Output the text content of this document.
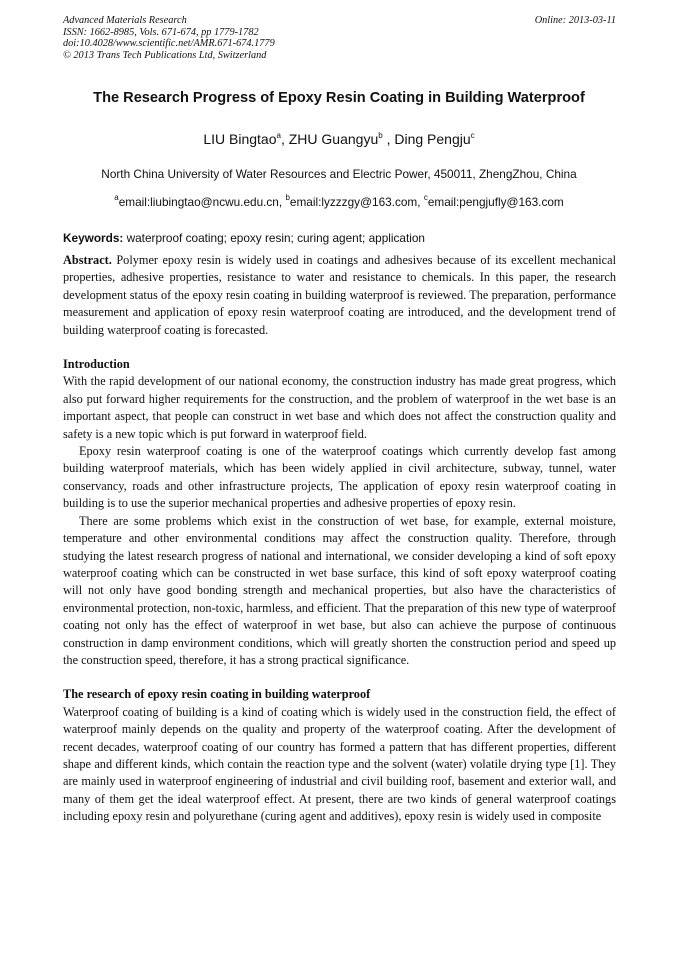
Advanced Materials Research
ISSN: 1662-8985, Vols. 671-674, pp 1779-1782
doi:10.4028/www.scientific.net/AMR.671-674.1779
© 2013 Trans Tech Publications Ltd, Switzerland
Online: 2013-03-11
The Research Progress of Epoxy Resin Coating in Building Waterproof
LIU Bingtao$^a$, ZHU Guangyu$^b$ , Ding Pengju$^c$
North China University of Water Resources and Electric Power, 450011, ZhengZhou, China
$^a$email:liubingtao@ncwu.edu.cn, $^b$email:lyzzzgy@163.com, $^c$email:pengjufly@163.com
Keywords: waterproof coating; epoxy resin; curing agent; application

Abstract. Polymer epoxy resin is widely used in coatings and adhesives because of its excellent mechanical properties, adhesive properties, resistance to water and resistance to chemicals. In this paper, the research development status of the epoxy resin coating in building waterproof is reviewed. The preparation, performance measurement and application of epoxy resin waterproof coating are introduced, and the development trend of building waterproof coating is forecasted.

Introduction

With the rapid development of our national economy, the construction industry has made great progress, which also put forward higher requirements for the construction, and the problem of waterproof in the wet base is an important aspect, that people can construct in wet base and which does not affect the construction quality and safety is a new topic which is put forward in waterproof field.

Epoxy resin waterproof coating is one of the waterproof coatings which currently develop fast among building waterproof materials, which has been widely applied in civil architecture, subway, tunnel, water conservancy, roads and other infrastructure projects, The application of epoxy resin waterproof coating in building is to use the superior mechanical properties and adhesive properties of epoxy resin.

There are some problems which exist in the construction of wet base, for example, external moisture, temperature and other environmental conditions may affect the construction quality. Therefore, through studying the latest research progress of national and international, we consider developing a kind of soft epoxy waterproof coating which can be constructed in wet base surface, this kind of soft epoxy waterproof coating will not only have good bonding strength and mechanical properties, but also have the characteristics of environmental protection, non-toxic, harmless, and efficient. That the preparation of this new type of waterproof coating not only has the effect of waterproof in wet base, but also can achieve the purpose of continuous construction in damp environment conditions, which will greatly shorten the construction period and speed up the construction speed, therefore, it has a strong practical significance.

The research of epoxy resin coating in building waterproof

Waterproof coating of building is a kind of coating which is widely used in the construction field, the effect of waterproof mainly depends on the quality and property of the waterproof coating. After the development of recent decades, waterproof coating of our country has formed a pattern that has different properties, different shape and different kinds, which contain the reaction type and the solvent (water) volatile drying type [1]. They are mainly used in waterproof engineering of industrial and civil building roof, basement and exterior wall, and many of them get the ideal waterproof effect. At present, there are two kinds of general waterproof coatings including epoxy resin and polyurethane (curing agent and additives), epoxy resin is widely used in composite
